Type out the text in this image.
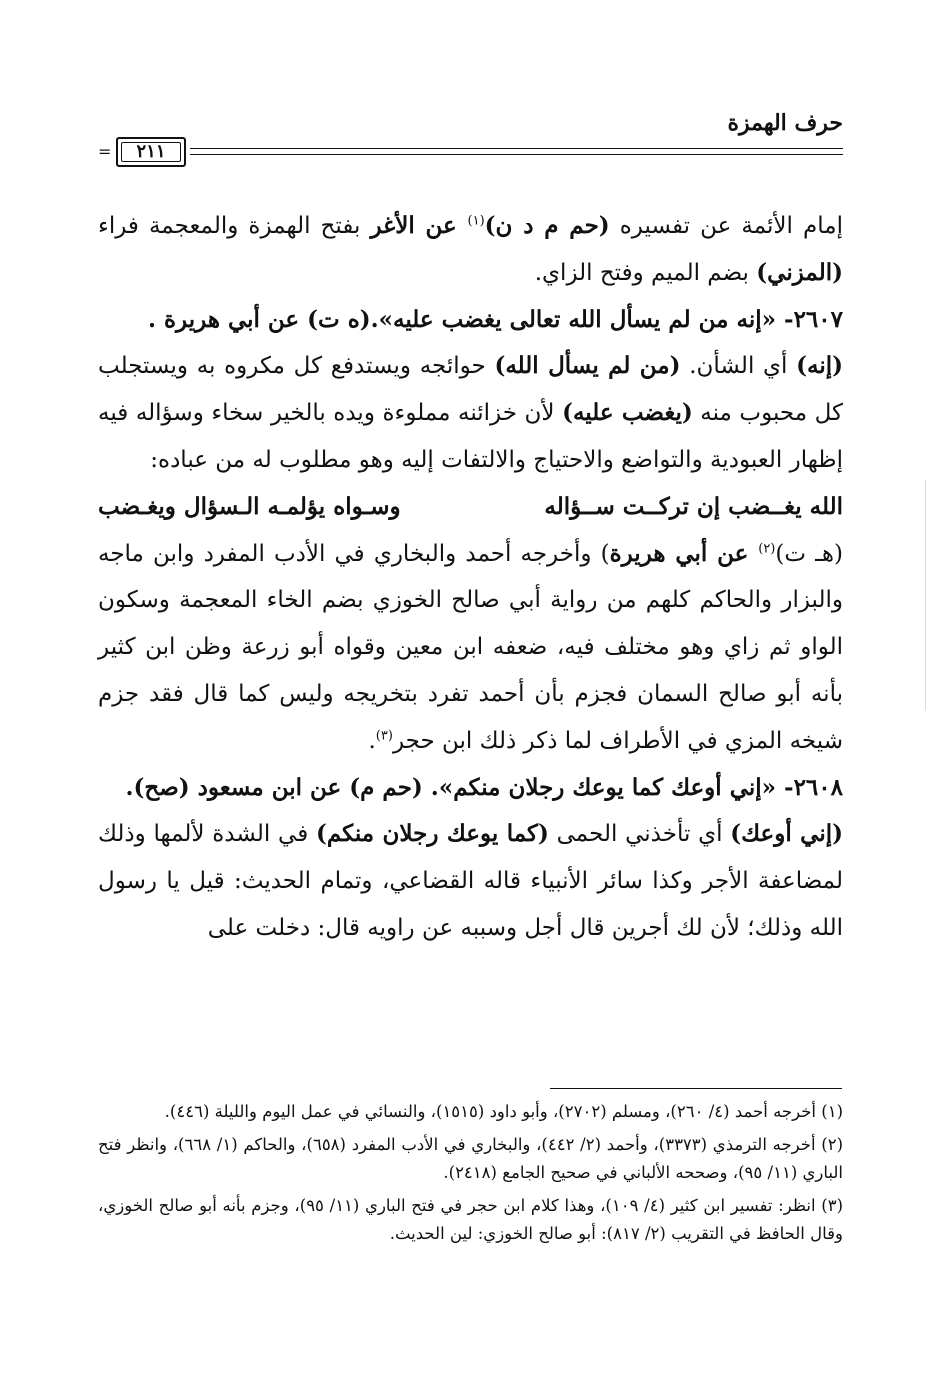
حرف الهمزة
=	٢١١

إمام الأئمة عن تفسيره (حم م د ن)$^{(١)}$ عن الأغر بفتح الهمزة والمعجمة فراء (المزني) بضم الميم وفتح الزاي.

٢٦٠٧- «إنه من لم يسأل الله تعالى يغضب عليه».(ه ت) عن أبي هريرة .

(إنه) أي الشأن. (من لم يسأل الله) حوائجه ويستدفع كل مكروه به ويستجلب كل محبوب منه (يغضب عليه) لأن خزائنه مملوءة ويده بالخير سخاء وسؤاله فيه إظهار العبودية والتواضع والاحتياج والالتفات إليه وهو مطلوب له من عباده:

الله يغــضب إن تركــت ســؤاله
وسـواه يؤلمـه الـسؤال ويغـضب

(هـ ت)$^{(٢)}$ عن أبي هريرة) وأخرجه أحمد والبخاري في الأدب المفرد وابن ماجه والبزار والحاكم كلهم من رواية أبي صالح الخوزي بضم الخاء المعجمة وسكون الواو ثم زاي وهو مختلف فيه، ضعفه ابن معين وقواه أبو زرعة وظن ابن كثير بأنه أبو صالح السمان فجزم بأن أحمد تفرد بتخريجه وليس كما قال فقد جزم شيخه المزي في الأطراف لما ذكر ذلك ابن حجر$^{(٣)}$.

٢٦٠٨- «إني أوعك كما يوعك رجلان منكم». (حم م) عن ابن مسعود (صح).

(إني أوعك) أي تأخذني الحمى (كما يوعك رجلان منكم) في الشدة لألمها وذلك لمضاعفة الأجر وكذا سائر الأنبياء قاله القضاعي، وتمام الحديث: قيل يا رسول الله وذلك؛ لأن لك أجرين قال أجل وسببه عن راويه قال: دخلت على

(١) أخرجه أحمد (٤/ ٢٦٠)، ومسلم (٢٧٠٢)، وأبو داود (١٥١٥)، والنسائي في عمل اليوم والليلة (٤٤٦).

(٢) أخرجه الترمذي (٣٣٧٣)، وأحمد (٢/ ٤٤٢)، والبخاري في الأدب المفرد (٦٥٨)، والحاكم (١/ ٦٦٨)، وانظر فتح الباري (١١/ ٩٥)، وصححه الألباني في صحيح الجامع (٢٤١٨).

(٣) انظر: تفسير ابن كثير (٤/ ١٠٩)، وهذا كلام ابن حجر في فتح الباري (١١/ ٩٥)، وجزم بأنه أبو صالح الخوزي، وقال الحافظ في التقريب (٢/ ٨١٧): أبو صالح الخوزي: لين الحديث.
